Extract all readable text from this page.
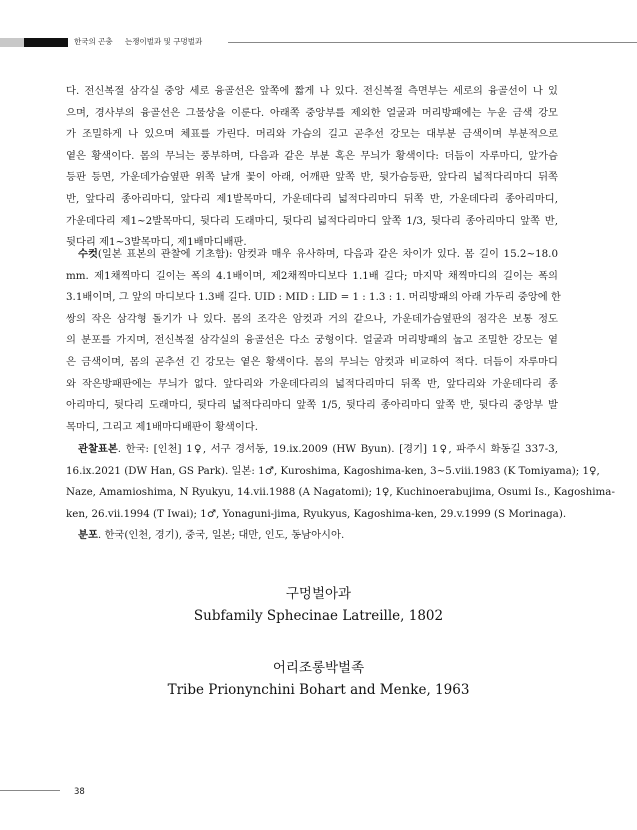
한국의 곤충 는쟁이벌과 및 구멍벌과
다. 전신복절 삼각실 중앙 세로 융골선은 앞쪽에 짧게 나 있다. 전신복절 측면부는 세로의 융골선이 나 있
으며, 경사부의 융골선은 그물상을 이룬다. 아래쪽 중앙부를 제외한 얼굴과 머리방패에는 누운 금색 강모
가 조밀하게 나 있으며 체표를 가린다. 머리와 가슴의 길고 곧추선 강모는 대부분 금색이며 부분적으로
옅은 황색이다. 몸의 무늬는 풍부하며, 다음과 같은 부분 혹은 무늬가 황색이다: 더듬이 자루마디, 앞가슴
등판 등면, 가운데가슴옆판 위쪽 날개 꽃이 아래, 어깨판 앞쪽 반, 뒷가슴등판, 앞다리 넓적다리마디 뒤쪽
반, 앞다리 종아리마디, 앞다리 제1발목마디, 가운데다리 넓적다리마디 뒤쪽 반, 가운데다리 종아리마디,
가운데다리 제1~2발목마디, 뒷다리 도래마디, 뒷다리 넓적다리마디 앞쪽 1/3, 뒷다리 종아리마디 앞쪽 반,
뒷다리 제1~3발목마디, 제1배마디배판.
수컷(일본 표본의 관찰에 기초함): 암컷과 매우 유사하며, 다음과 같은 차이가 있다. 몸 길이 15.2~18.0
mm. 제1채찍마디 길이는 폭의 4.1배이며, 제2채찍마디보다 1.1배 길다; 마지막 채찍마디의 길이는 폭의
3.1배이며, 그 앞의 마디보다 1.3배 길다. UID : MID : LID = 1 : 1.3 : 1. 머리방패의 아래 가두리 중앙에 한
쌍의 작은 삼각형 돌기가 나 있다. 몸의 조각은 암컷과 거의 같으나, 가운데가슴옆판의 점각은 보통 정도
의 분포를 가지며, 전신복절 삼각실의 융골선은 다소 궁형이다. 얼굴과 머리방패의 눕고 조밀한 강모는 옅
은 금색이며, 몸의 곧추선 긴 강모는 옅은 황색이다. 몸의 무늬는 암컷과 비교하여 적다. 더듬이 자루마디
와 작은방패판에는 무늬가 없다. 앞다리와 가운데다리의 넓적다리마디 뒤쪽 반, 앞다리와 가운데다리 종
아리마디, 뒷다리 도래마디, 뒷다리 넓적다리마디 앞쪽 1/5, 뒷다리 종아리마디 앞쪽 반, 뒷다리 중앙부 발
목마디, 그리고 제1배마디배판이 황색이다.
관찰표본. 한국: [인천] 1♀, 서구 경서동, 19.ix.2009 (HW Byun). [경기] 1♀, 파주시 화동길 337-3,
16.ix.2021 (DW Han, GS Park). 일본: 1♂, Kuroshima, Kagoshima-ken, 3~5.viii.1983 (K Tomiyama); 1♀,
Naze, Amamioshima, N Ryukyu, 14.vii.1988 (A Nagatomi); 1♀, Kuchinoerabujima, Osumi Is., Kagoshima-
ken, 26.vii.1994 (T Iwai); 1♂, Yonaguni-jima, Ryukyus, Kagoshima-ken, 29.v.1999 (S Morinaga).
분포. 한국(인천, 경기), 중국, 일본; 대만, 인도, 동남아시아.
구멍벌아과
Subfamily Sphecinae Latreille, 1802
어리조롱박벌족
Tribe Prionynchini Bohart and Menke, 1963
38
